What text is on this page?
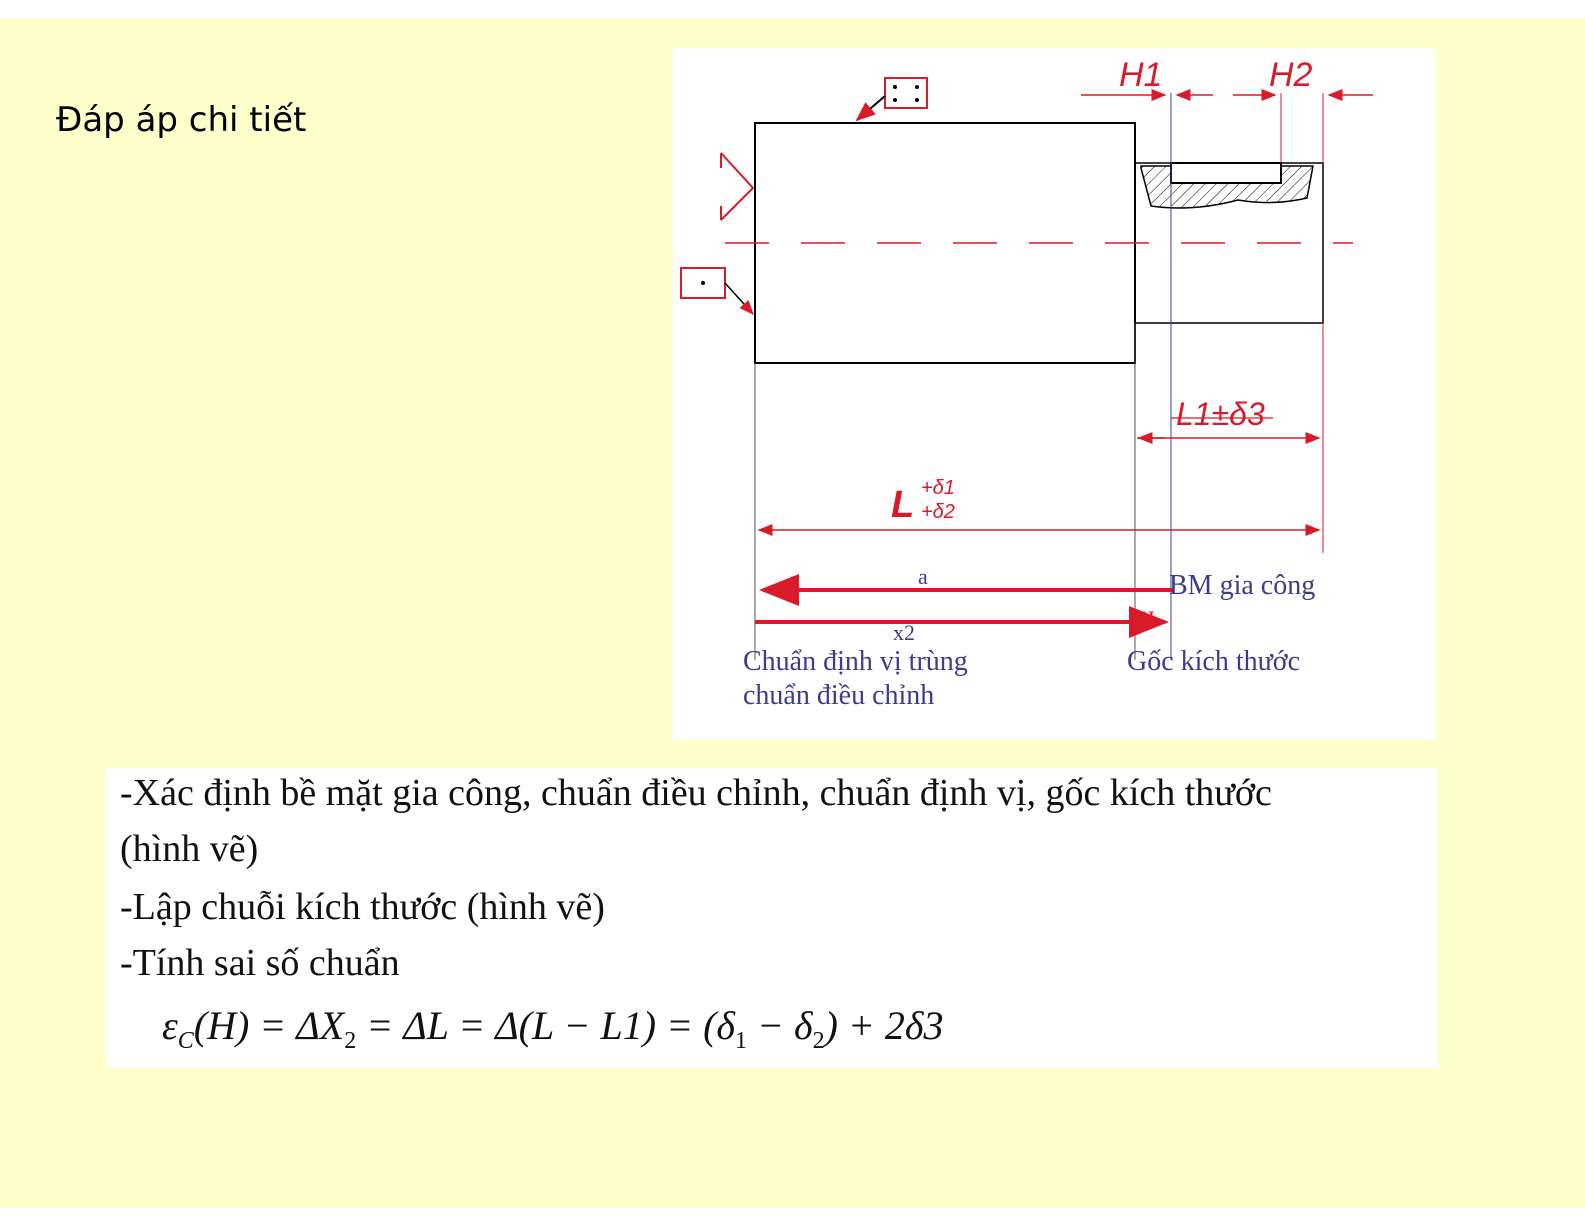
Đáp áp chi tiết
H1	H2
L1±δ3
L +δ1
+δ2
a
H
x2
BM gia công
Gốc kích thước
Chuẩn định vị trùng
chuẩn điều chỉnh
-Xác định bề mặt gia công, chuẩn điều chỉnh, chuẩn định vị, gốc kích thước
(hình vẽ)
-Lập chuỗi kích thước (hình vẽ)
-Tính sai số chuẩn
$\varepsilon_C(H) = \Delta X_2 = \Delta L = \Delta(L - L1) = (\delta_1 - \delta_2) + 2\delta 3$
